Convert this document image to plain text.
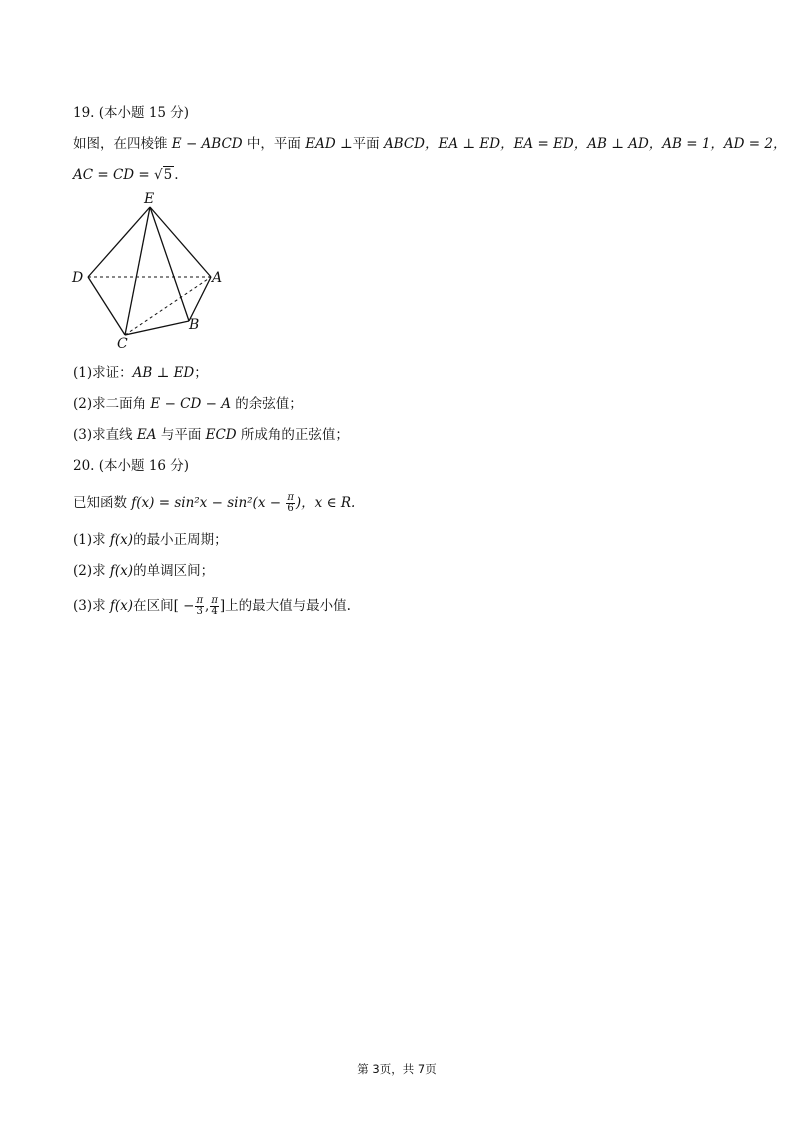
19. (本小题 15 分)
如图，在四棱锥 E − ABCD 中，平面 EAD ⊥平面 ABCD，EA ⊥ ED，EA = ED，AB ⊥ AD，AB = 1，AD = 2，
AC = CD = √5 .
E
D	A
B
C
(1)求证：AB ⊥ ED；
(2)求二面角 E − CD − A 的余弦值；
(3)求直线 EA 与平面 ECD 所成角的正弦值；
20. (本小题 16 分)
已知函数 $f(x) = \sin^2x - \sin^2(x - \frac{\pi}{6}$ )，x ∈ R.
(1)求 f(x)的最小正周期；
(2)求 f(x)的单调区间；
(3)求 f(x)在区间[ − $\frac{\pi}{3}$ , $\frac{\pi}{4}$ ]上的最大值与最小值.
第 3页，共 7页
